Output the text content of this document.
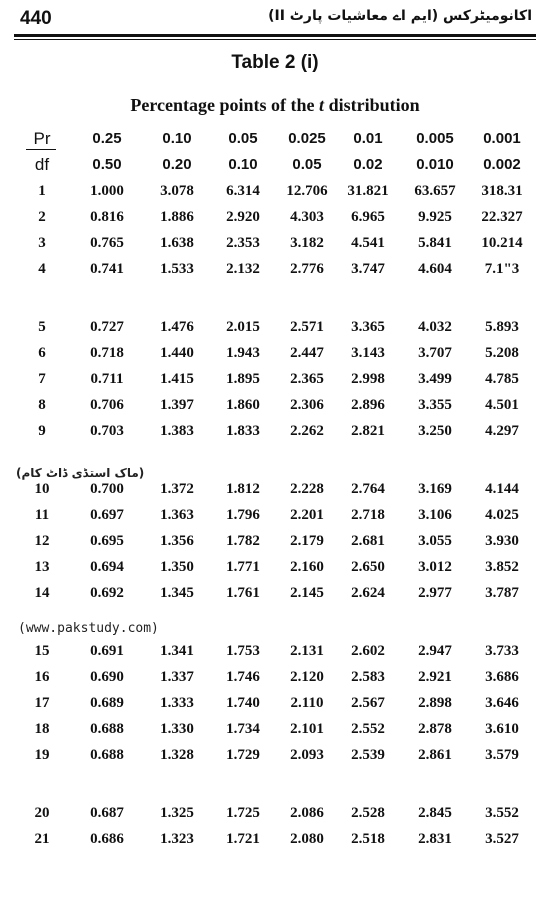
440	اکانومیٹرکس (ایم اے معاشیات پارٹ II)
Table 2 (i)
Percentage points of the t distribution
(ماک استڈی ڈاٹ کام)
(www.pakstudy.com)
Pr	0.25	0.10	0.05	0.025	0.01	0.005	0.001
df	0.50	0.20	0.10	0.05	0.02	0.010	0.002
1	1.000	3.078	6.314	12.706	31.821	63.657	318.31
2	0.816	1.886	2.920	4.303	6.965	9.925	22.327
3	0.765	1.638	2.353	3.182	4.541	5.841	10.214
4	0.741	1.533	2.132	2.776	3.747	4.604	7.1"3
5	0.727	1.476	2.015	2.571	3.365	4.032	5.893
6	0.718	1.440	1.943	2.447	3.143	3.707	5.208
7	0.711	1.415	1.895	2.365	2.998	3.499	4.785
8	0.706	1.397	1.860	2.306	2.896	3.355	4.501
9	0.703	1.383	1.833	2.262	2.821	3.250	4.297
10	0.700	1.372	1.812	2.228	2.764	3.169	4.144
11	0.697	1.363	1.796	2.201	2.718	3.106	4.025
12	0.695	1.356	1.782	2.179	2.681	3.055	3.930
13	0.694	1.350	1.771	2.160	2.650	3.012	3.852
14	0.692	1.345	1.761	2.145	2.624	2.977	3.787
15	0.691	1.341	1.753	2.131	2.602	2.947	3.733
16	0.690	1.337	1.746	2.120	2.583	2.921	3.686
17	0.689	1.333	1.740	2.110	2.567	2.898	3.646
18	0.688	1.330	1.734	2.101	2.552	2.878	3.610
19	0.688	1.328	1.729	2.093	2.539	2.861	3.579
20	0.687	1.325	1.725	2.086	2.528	2.845	3.552
21	0.686	1.323	1.721	2.080	2.518	2.831	3.527
